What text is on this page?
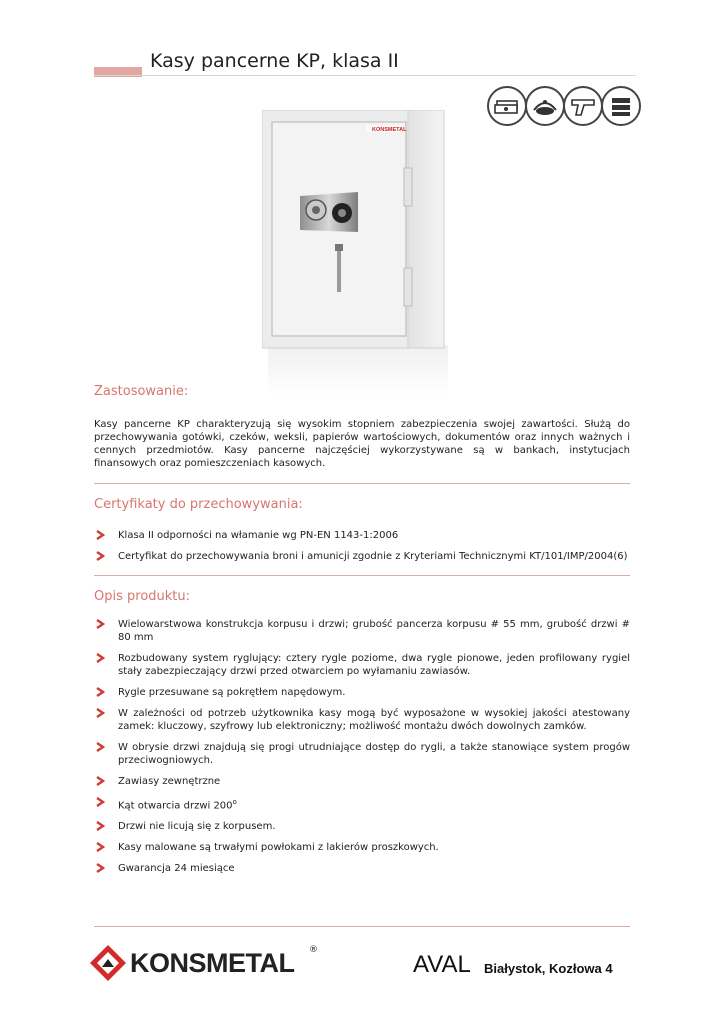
Kasy pancerne KP, klasa II
KONSMETAL
Zastosowanie:
Kasy pancerne KP charakteryzują się wysokim stopniem zabezpieczenia swojej zawartości. Służą do przechowywania gotówki, czeków, weksli, papierów wartościowych, dokumentów oraz innych ważnych i cennych przedmiotów. Kasy pancerne najczęściej wykorzystywane są w bankach, instytucjach finansowych oraz pomieszczeniach kasowych.
Certyfikaty do przechowywania:
Klasa II odporności na włamanie wg PN-EN 1143-1:2006
Certyfikat do przechowywania broni i amunicji zgodnie z Kryteriami Technicznymi KT/101/IMP/2004(6)
Opis produktu:
Wielowarstwowa konstrukcja korpusu i drzwi; grubość pancerza korpusu # 55 mm, grubość drzwi # 80 mm
Rozbudowany system ryglujący: cztery rygle poziome, dwa rygle pionowe, jeden profilowany rygiel stały zabezpieczający drzwi przed otwarciem po wyłamaniu zawiasów.
Rygle przesuwane są pokrętłem napędowym.
W zależności od potrzeb użytkownika kasy mogą być wyposażone w wysokiej jakości atestowany zamek: kluczowy, szyfrowy lub elektroniczny; możliwość montażu dwóch dowolnych zamków.
W obrysie drzwi znajdują się progi utrudniające dostęp do rygli, a także stanowiące system progów przeciwogniowych.
Zawiasy zewnętrzne
Kąt otwarcia drzwi 200$^o$
Drzwi nie licują się z korpusem.
Kasy malowane są trwałymi powłokami z lakierów proszkowych.
Gwarancja 24 miesiące
KONSMETAL ®
AVAL Białystok, Kozłowa 4
